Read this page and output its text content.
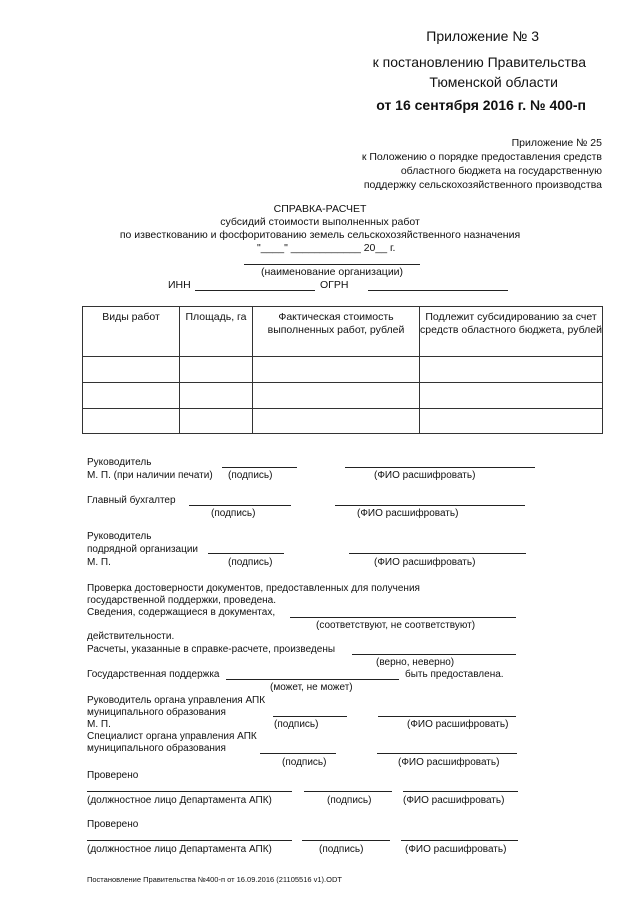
Приложение № 3
к постановлению Правительства
Тюменской области
от 16 сентября 2016 г. № 400-п
Приложение № 25
к Положению о порядке предоставления средств
областного бюджета на государственную
поддержку сельскохозяйственного производства
СПРАВКА-РАСЧЕТ
субсидий стоимости выполненных работ
по известкованию и фосфоритованию земель сельскохозяйственного назначения
"____" ____________ 20__ г.
(наименование организации)
ИНН	ОГРН
Виды работ	Площадь, га	Фактическая стоимость выполненных работ, рублей	Подлежит субсидированию за счет средств областного бюджета, рублей

Руководитель
М. П. (при наличии печати) (подпись)	(ФИО расшифровать)
Главный бухгалтер
(подпись)	(ФИО расшифровать)
Руководитель
подрядной организации
М. П.	(подпись)	(ФИО расшифровать)
Проверка достоверности документов, предоставленных для получения
государственной поддержки, проведена.
Сведения, содержащиеся в документах,
(соответствуют, не соответствуют)
действительности.
Расчеты, указанные в справке-расчете, произведены
(верно, неверно)
Государственная поддержка	быть предоставлена.
(может, не может)
Руководитель органа управления АПК
муниципального образования
М. П.	(подпись)	(ФИО расшифровать)
Специалист органа управления АПК
муниципального образования
(подпись)	(ФИО расшифровать)
Проверено
(должностное лицо Департамента АПК)	(подпись)	(ФИО расшифровать)
Проверено
(должностное лицо Департамента АПК)	(подпись)	(ФИО расшифровать)
Постановление Правительства №400-п от 16.09.2016 (21105516 v1).ODT
